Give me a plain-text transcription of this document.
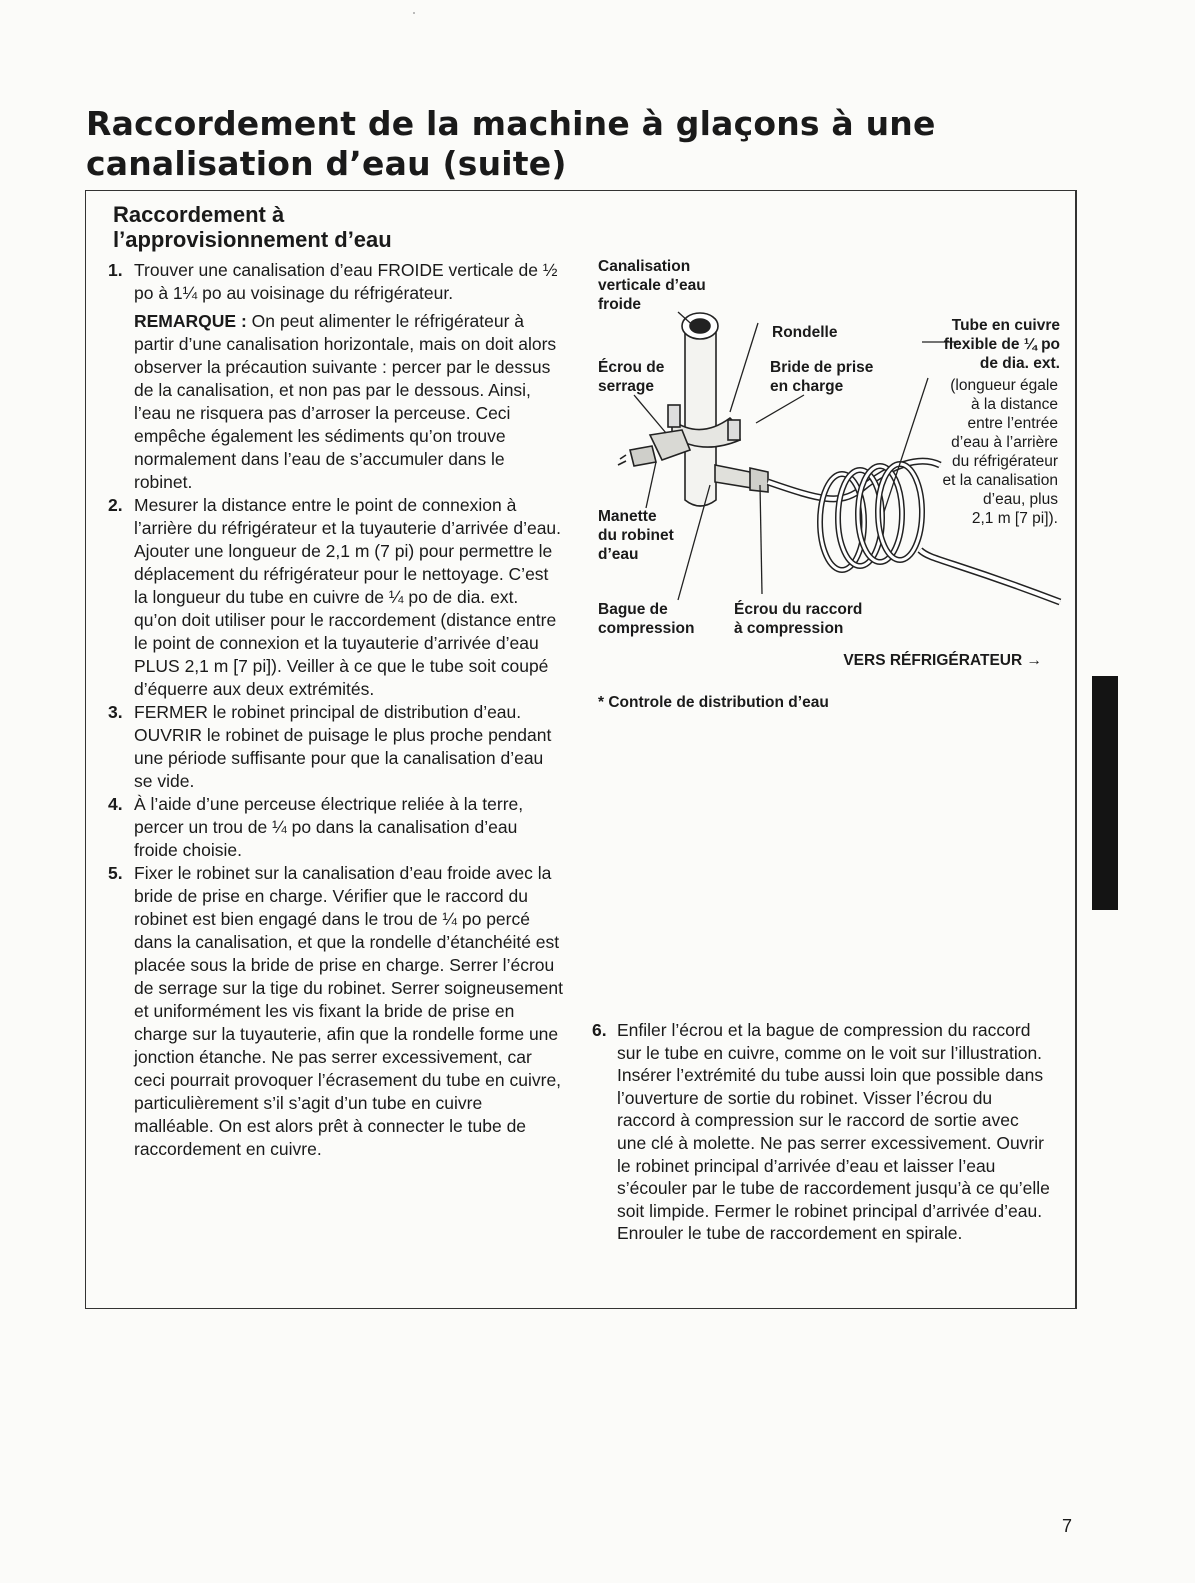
Raccordement de la machine à glaçons à une
canalisation d’eau (suite)
Raccordement à
l’approvisionnement d’eau
1. Trouver une canalisation d’eau FROIDE verticale de ½ po à 1¼ po au voisinage du réfrigérateur.

REMARQUE : On peut alimenter le réfrigérateur à partir d’une canalisation horizontale, mais on doit alors observer la précaution suivante : percer par le dessus de la canalisation, et non pas par le dessous. Ainsi, l’eau ne risquera pas d’arroser la perceuse. Ceci empêche également les sédiments qu’on trouve normalement dans l’eau de s’accumuler dans le robinet.

2. Mesurer la distance entre le point de connexion à l’arrière du réfrigérateur et la tuyauterie d’arrivée d’eau. Ajouter une longueur de 2,1 m (7 pi) pour permettre le déplacement du réfrigérateur pour le nettoyage. C’est la longueur du tube en cuivre de ¼ po de dia. ext. qu’on doit utiliser pour le raccordement (distance entre le point de connexion et la tuyauterie d’arrivée d’eau PLUS 2,1 m [7 pi]). Veiller à ce que le tube soit coupé d’équerre aux deux extrémités.

3. FERMER le robinet principal de distribution d’eau. OUVRIR le robinet de puisage le plus proche pendant une période suffisante pour que la canalisation d’eau se vide.

4. À l’aide d’une perceuse électrique reliée à la terre, percer un trou de ¼ po dans la canalisation d’eau froide choisie.

5. Fixer le robinet sur la canalisation d’eau froide avec la bride de prise en charge. Vérifier que le raccord du robinet est bien engagé dans le trou de ¼ po percé dans la canalisation, et que la rondelle d’étanchéité est placée sous la bride de prise en charge. Serrer l’écrou de serrage sur la tige du robinet. Serrer soigneusement et uniformément les vis fixant la bride de prise en charge sur la tuyauterie, afin que la rondelle forme une jonction étanche. Ne pas serrer excessivement, car ceci pourrait provoquer l’écrasement du tube en cuivre, particulièrement s’il s’agit d’un tube en cuivre malléable. On est alors prêt à connecter le tube de raccordement en cuivre.

Canalisation
verticale d’eau
froide
Écrou de
serrage
Rondelle
Bride de prise
en charge
Tube en cuivre
flexible de ¼ po
de dia. ext.
(longueur égale
à la distance
entre l’entrée
d’eau à l’arrière
du réfrigérateur
et la canalisation
d’eau, plus
2,1 m [7 pi]).
Manette
du robinet
d’eau
Bague de
compression
Écrou du raccord
à compression
VERS RÉFRIGÉRATEUR →
* Controle de distribution d’eau
6. Enfiler l’écrou et la bague de compression du raccord sur le tube en cuivre, comme on le voit sur l’illustration. Insérer l’extrémité du tube aussi loin que possible dans l’ouverture de sortie du robinet. Visser l’écrou du raccord à compression sur le raccord de sortie avec une clé à molette. Ne pas serrer excessivement. Ouvrir le robinet principal d’arrivée d’eau et laisser l’eau s’écouler par le tube de raccordement jusqu’à ce qu’elle soit limpide. Fermer le robinet principal d’arrivée d’eau. Enrouler le tube de raccordement en spirale.

7
